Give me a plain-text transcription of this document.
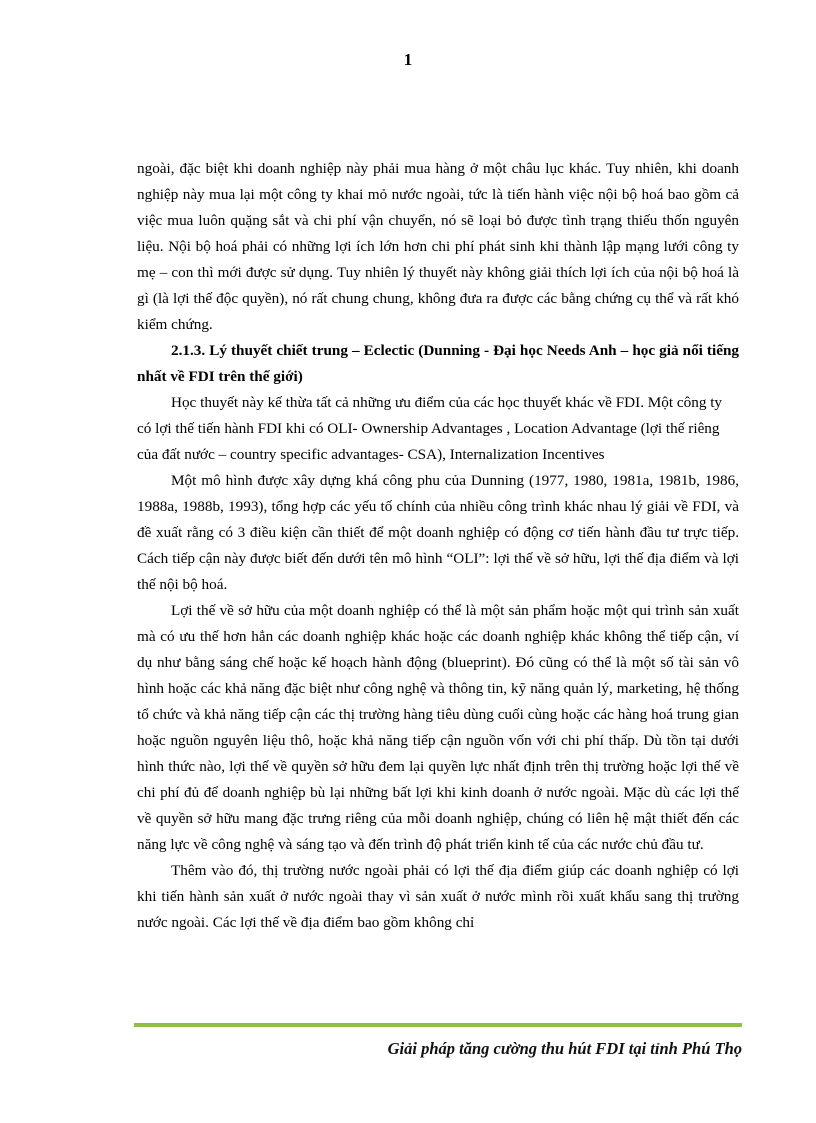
1

ngoài, đặc biệt khi doanh nghiệp này phải mua hàng ở một châu lục khác. Tuy nhiên, khi doanh nghiệp này mua lại một công ty khai mỏ nước ngoài, tức là tiến hành việc nội bộ hoá bao gồm cả việc mua luôn quặng sắt và chi phí vận chuyển, nó sẽ loại bỏ được tình trạng thiếu thốn nguyên liệu. Nội bộ hoá phải có những lợi ích lớn hơn chi phí phát sinh khi thành lập mạng lưới công ty mẹ – con thì mới được sử dụng. Tuy nhiên lý thuyết này không giải thích lợi ích của nội bộ hoá là gì (là lợi thế độc quyền), nó rất chung chung, không đưa ra được các bằng chứng cụ thể và rất khó kiểm chứng.

2.1.3. Lý thuyết chiết trung – Eclectic (Dunning - Đại học Needs Anh – học giả nổi tiếng nhất về FDI trên thế giới)

Học thuyết này kế thừa tất cả những ưu điểm của các học thuyết khác về FDI. Một công ty có lợi thế tiến hành FDI khi có OLI- Ownership Advantages , Location Advantage (lợi thế riêng của đất nước – country specific advantages- CSA), Internalization Incentives

Một mô hình được xây dựng khá công phu của Dunning (1977, 1980, 1981a, 1981b, 1986, 1988a, 1988b, 1993), tổng hợp các yếu tố chính của nhiều công trình khác nhau lý giải về FDI, và đề xuất rằng có 3 điều kiện cần thiết để một doanh nghiệp có động cơ tiến hành đầu tư trực tiếp. Cách tiếp cận này được biết đến dưới tên mô hình “OLI”: lợi thế về sở hữu, lợi thế địa điểm và lợi thế nội bộ hoá.

Lợi thế về sở hữu của một doanh nghiệp có thể là một sản phẩm hoặc một qui trình sản xuất mà có ưu thế hơn hẳn các doanh nghiệp khác hoặc các doanh nghiệp khác không thể tiếp cận, ví dụ như bằng sáng chế hoặc kế hoạch hành động (blueprint). Đó cũng có thể là một số tài sản vô hình hoặc các khả năng đặc biệt như công nghệ và thông tin, kỹ năng quản lý, marketing, hệ thống tổ chức và khả năng tiếp cận các thị trường hàng tiêu dùng cuối cùng hoặc các hàng hoá trung gian hoặc nguồn nguyên liệu thô, hoặc khả năng tiếp cận nguồn vốn với chi phí thấp. Dù tồn tại dưới hình thức nào, lợi thế về quyền sở hữu đem lại quyền lực nhất định trên thị trường hoặc lợi thế về chi phí đủ để doanh nghiệp bù lại những bất lợi khi kinh doanh ở nước ngoài. Mặc dù các lợi thế về quyền sở hữu mang đặc trưng riêng của mỗi doanh nghiệp, chúng có liên hệ mật thiết đến các năng lực về công nghệ và sáng tạo và đến trình độ phát triển kinh tế của các nước chủ đầu tư.

Thêm vào đó, thị trường nước ngoài phải có lợi thế địa điểm giúp các doanh nghiệp có lợi khi tiến hành sản xuất ở nước ngoài thay vì sản xuất ở nước mình rồi xuất khẩu sang thị trường nước ngoài. Các lợi thế về địa điểm bao gồm không chỉ

Giải pháp tăng cường thu hút FDI tại tỉnh Phú Thọ
